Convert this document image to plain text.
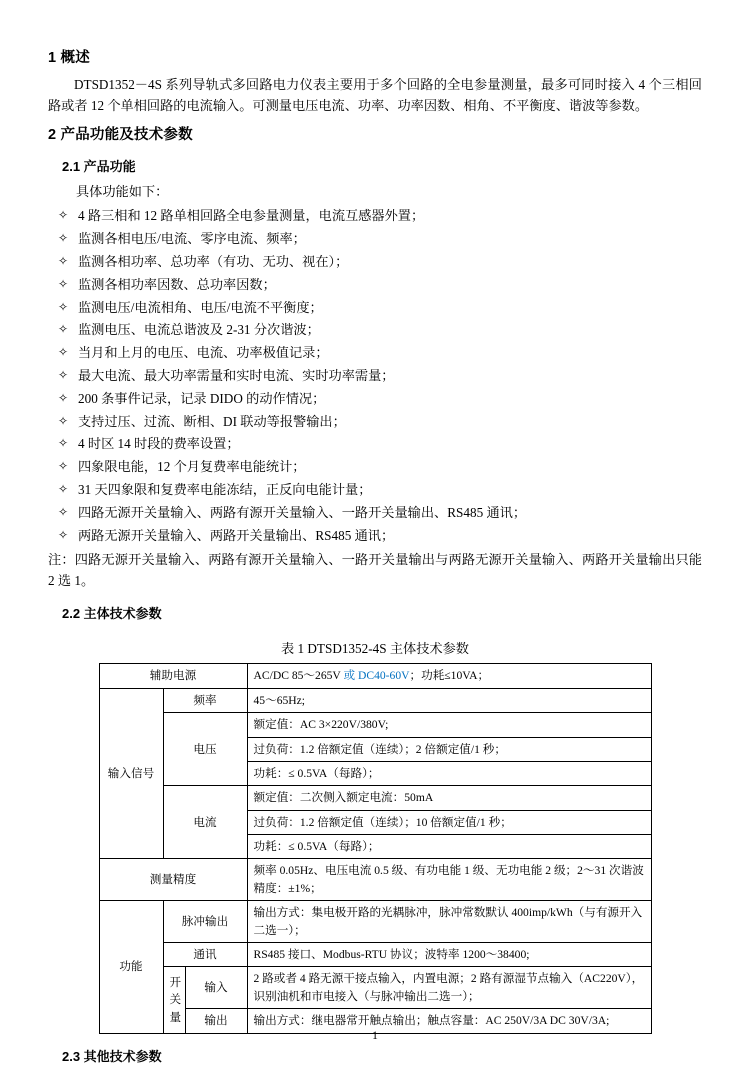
1 概述

DTSD1352－4S 系列导轨式多回路电力仪表主要用于多个回路的全电参量测量，最多可同时接入 4 个三相回路或者 12 个单相回路的电流输入。可测量电压电流、功率、功率因数、相角、不平衡度、谐波等参数。

2 产品功能及技术参数
2.1 产品功能
具体功能如下：
✧ 4 路三相和 12 路单相回路全电参量测量，电流互感器外置；
✧ 监测各相电压/电流、零序电流、频率；
✧ 监测各相功率、总功率（有功、无功、视在）；
✧ 监测各相功率因数、总功率因数；
✧ 监测电压/电流相角、电压/电流不平衡度；
✧ 监测电压、电流总谐波及 2-31 分次谐波；
✧ 当月和上月的电压、电流、功率极值记录；
✧ 最大电流、最大功率需量和实时电流、实时功率需量；
✧ 200 条事件记录，记录 DIDO 的动作情况；
✧ 支持过压、过流、断相、DI 联动等报警输出；
✧ 4 时区 14 时段的费率设置；
✧ 四象限电能，12 个月复费率电能统计；
✧ 31 天四象限和复费率电能冻结，正反向电能计量；
✧ 四路无源开关量输入、两路有源开关量输入、一路开关量输出、RS485 通讯；
✧ 两路无源开关量输入、两路开关量输出、RS485 通讯；

注：四路无源开关量输入、两路有源开关量输入、一路开关量输出与两路无源开关量输入、两路开关量输出只能 2 选 1。

2.2 主体技术参数
表 1 DTSD1352-4S 主体技术参数
辅助电源			AC/DC 85～265V 或 DC40-60V；功耗≤10VA；
输入信号	频率		45～65Hz;
	电压		额定值：AC 3×220V/380V;
			过负荷：1.2 倍额定值（连续）；2 倍额定值/1 秒；
			功耗：≤ 0.5VA（每路）；
	电流		额定值：二次侧入额定电流：50mA
			过负荷：1.2 倍额定值（连续）；10 倍额定值/1 秒；
			功耗：≤ 0.5VA（每路）；
测量精度			频率 0.05Hz、电压电流 0.5 级、有功电能 1 级、无功电能 2 级；2～31 次谐波精度：±1%；
功能	脉冲输出		输出方式：集电极开路的光耦脉冲，脉冲常数默认 400imp/kWh（与有源开入二选一）；
	通讯		RS485 接口、Modbus-RTU 协议；波特率 1200～38400;
	开关量	输入	2 路或者 4 路无源干接点输入，内置电源；2 路有源湿节点输入（AC220V），识别油机和市电接入（与脉冲输出二选一）；
		输出	输出方式：继电器常开触点输出；触点容量：AC 250V/3A DC 30V/3A;
2.3 其他技术参数
1
